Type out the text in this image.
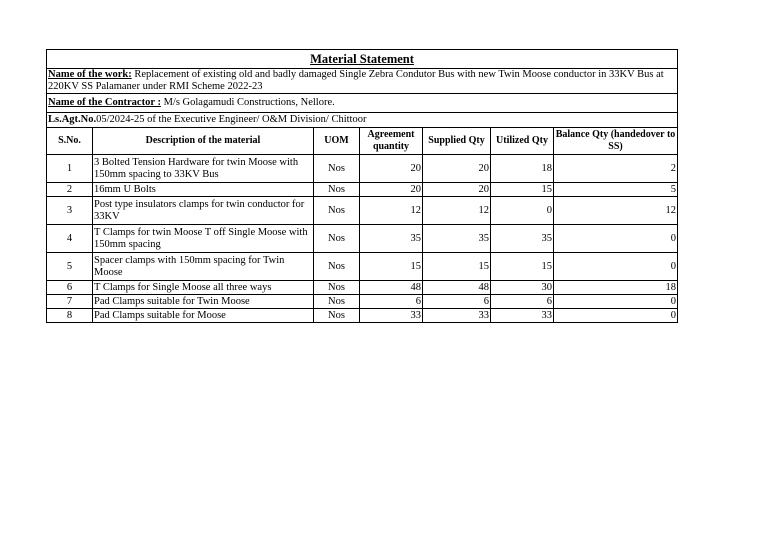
Material Statement						
Name of the work: Replacement of existing old and badly damaged Single Zebra Condutor Bus with new Twin Moose conductor in 33KV Bus at 220KV SS Palamaner under RMI Scheme 2022-23						
Name of the Contractor : M/s Golagamudi Constructions, Nellore.						
Ls.Agt.No.05/2024-25 of the Executive Engineer/ O&M Division/ Chittoor						
S.No.	Description of the material	UOM	Agreement quantity	Supplied Qty	Utilized Qty	Balance Qty (handedover to SS)
1	3 Bolted Tension Hardware for twin Moose with 150mm spacing to 33KV Bus	Nos	20	20	18	2
2	16mm U Bolts	Nos	20	20	15	5
3	Post type insulators clamps for twin conductor for 33KV	Nos	12	12	0	12
4	T Clamps for twin Moose T off Single Moose with 150mm spacing	Nos	35	35	35	0
5	Spacer clamps with 150mm spacing for Twin Moose	Nos	15	15	15	0
6	T Clamps for Single Moose all three ways	Nos	48	48	30	18
7	Pad Clamps suitable for Twin Moose	Nos	6	6	6	0
8	Pad Clamps suitable for Moose	Nos	33	33	33	0
